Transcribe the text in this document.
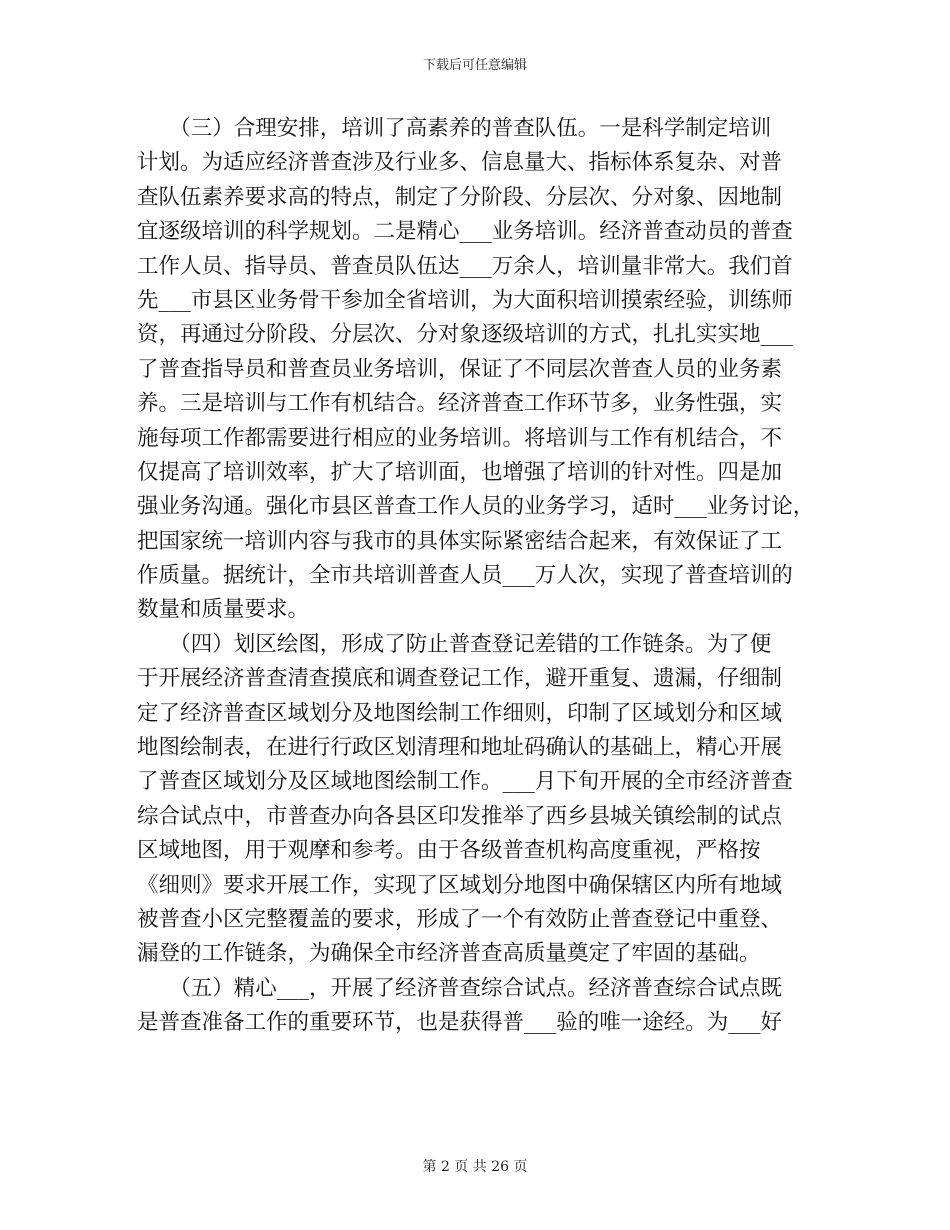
下载后可任意编辑
　　（三）合理安排，培训了高素养的普查队伍。一是科学制定培训
计划。为适应经济普查涉及行业多、信息量大、指标体系复杂、对普
查队伍素养要求高的特点，制定了分阶段、分层次、分对象、因地制
宜逐级培训的科学规划。二是精心___业务培训。经济普查动员的普查
工作人员、指导员、普查员队伍达___万余人，培训量非常大。我们首
先___市县区业务骨干参加全省培训，为大面积培训摸索经验，训练师
资，再通过分阶段、分层次、分对象逐级培训的方式，扎扎实实地___
了普查指导员和普查员业务培训，保证了不同层次普查人员的业务素
养。三是培训与工作有机结合。经济普查工作环节多，业务性强，实
施每项工作都需要进行相应的业务培训。将培训与工作有机结合，不
仅提高了培训效率，扩大了培训面，也增强了培训的针对性。四是加
强业务沟通。强化市县区普查工作人员的业务学习，适时___业务讨论，
把国家统一培训内容与我市的具体实际紧密结合起来，有效保证了工
作质量。据统计，全市共培训普查人员___万人次，实现了普查培训的
数量和质量要求。
　　（四）划区绘图，形成了防止普查登记差错的工作链条。为了便
于开展经济普查清查摸底和调查登记工作，避开重复、遗漏，仔细制
定了经济普查区域划分及地图绘制工作细则，印制了区域划分和区域
地图绘制表，在进行行政区划清理和地址码确认的基础上，精心开展
了普查区域划分及区域地图绘制工作。___月下旬开展的全市经济普查
综合试点中，市普查办向各县区印发推举了西乡县城关镇绘制的试点
区域地图，用于观摩和参考。由于各级普查机构高度重视，严格按
《细则》要求开展工作，实现了区域划分地图中确保辖区内所有地域
被普查小区完整覆盖的要求，形成了一个有效防止普查登记中重登、
漏登的工作链条，为确保全市经济普查高质量奠定了牢固的基础。
　　（五）精心___，开展了经济普查综合试点。经济普查综合试点既
是普查准备工作的重要环节，也是获得普___验的唯一途经。为___好
第 2 页 共 26 页
